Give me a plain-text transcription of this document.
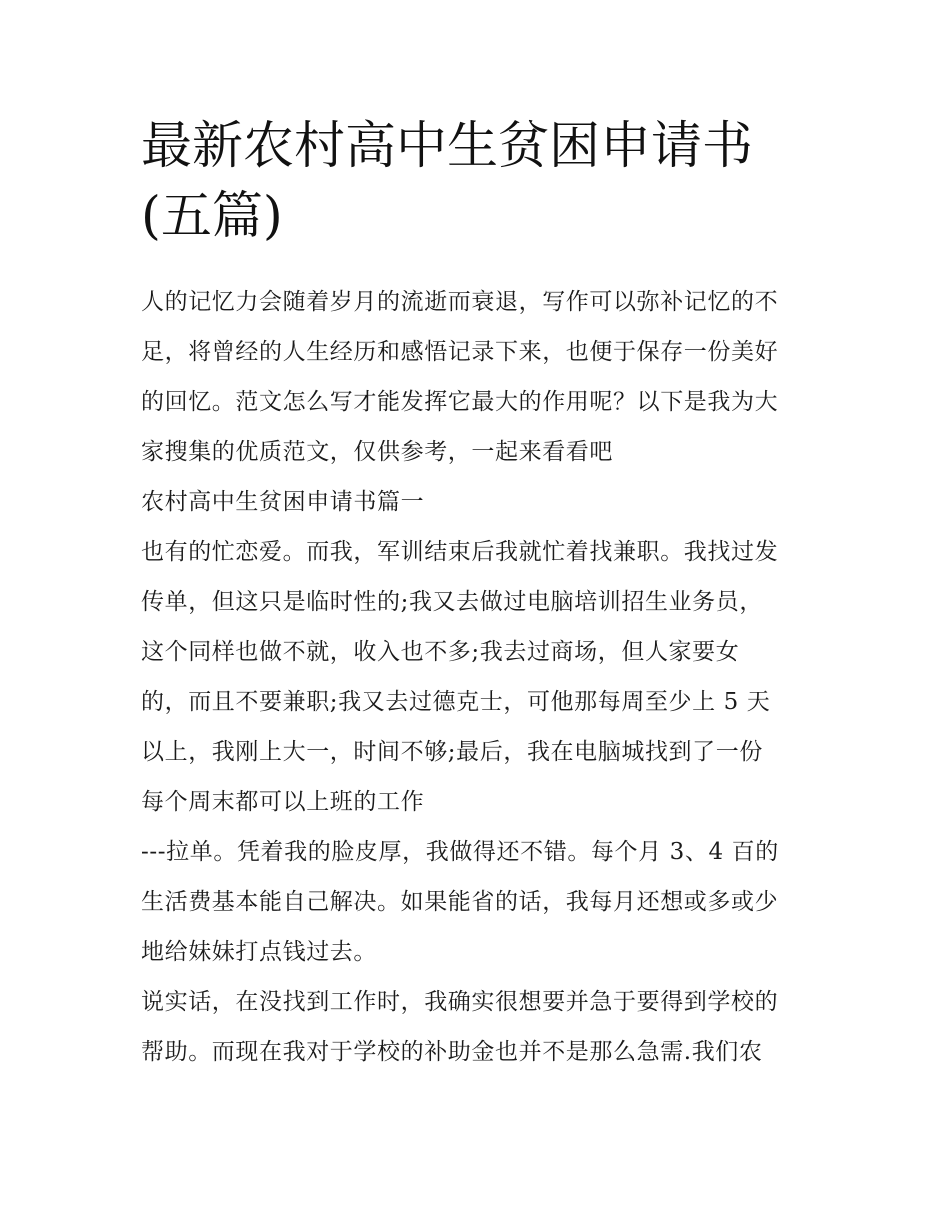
最新农村高中生贫困申请书(五篇)
人的记忆力会随着岁月的流逝而衰退，写作可以弥补记忆的不
足，将曾经的人生经历和感悟记录下来，也便于保存一份美好
的回忆。范文怎么写才能发挥它最大的作用呢？以下是我为大
家搜集的优质范文，仅供参考，一起来看看吧
农村高中生贫困申请书篇一
也有的忙恋爱。而我，军训结束后我就忙着找兼职。我找过发
传单，但这只是临时性的;我又去做过电脑培训招生业务员，
这个同样也做不就，收入也不多;我去过商场，但人家要女
的，而且不要兼职;我又去过德克士，可他那每周至少上 5 天
以上，我刚上大一，时间不够;最后，我在电脑城找到了一份
每个周末都可以上班的工作
---拉单。凭着我的脸皮厚，我做得还不错。每个月 3、4 百的
生活费基本能自己解决。如果能省的话，我每月还想或多或少
地给妹妹打点钱过去。
说实话，在没找到工作时，我确实很想要并急于要得到学校的
帮助。而现在我对于学校的补助金也并不是那么急需.我们农
